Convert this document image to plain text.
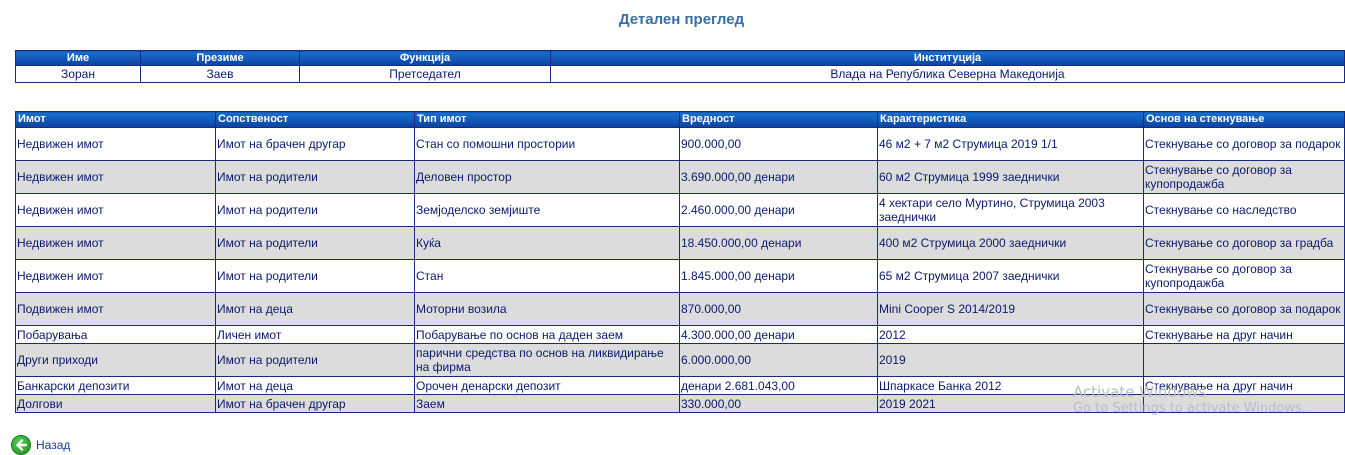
Детален преглед
Име	Презиме	Функција	Институција
Зоран	Заев	Претседател	Влада на Република Северна Македонија
Имот	Сопственост	Тип имот	Вредност	Карактеристика	Основ на стекнување
Недвижен имот	Имот на брачен другар	Стан со помошни простории	900.000,00	46 м2 + 7 м2 Струмица 2019 1/1	Стекнување со договор за подарок
Недвижен имот	Имот на родители	Деловен простор	3.690.000,00 денари	60 м2 Струмица 1999 заеднички	Стекнување со договор за купопродажба
Недвижен имот	Имот на родители	Земјоделско земјиште	2.460.000,00 денари	4 хектари село Муртино, Струмица 2003 заеднички	Стекнување со наследство
Недвижен имот	Имот на родители	Куќа	18.450.000,00 денари	400 м2 Струмица 2000 заеднички	Стекнување со договор за градба
Недвижен имот	Имот на родители	Стан	1.845.000,00 денари	65 м2 Струмица 2007 заеднички	Стекнување со договор за купопродажба
Подвижен имот	Имот на деца	Моторни возила	870.000,00	Mini Cooper S 2014/2019	Стекнување со договор за подарок
Побарувања	Личен имот	Побарување по основ на даден заем	4.300.000,00 денари	2012	Стекнување на друг начин
Други приходи	Имот на родители	парични средства по основ на ликвидирање на фирма	6.000.000,00	2019	
Банкарски депозити	Имот на деца	Орочен денарски депозит	денари 2.681.043,00	Шпаркасе Банка 2012	Стекнување на друг начин
Долгови	Имот на брачен другар	Заем	330.000,00	2019 2021	
Назад
Activate Windows
Go to Settings to activate Windows.
